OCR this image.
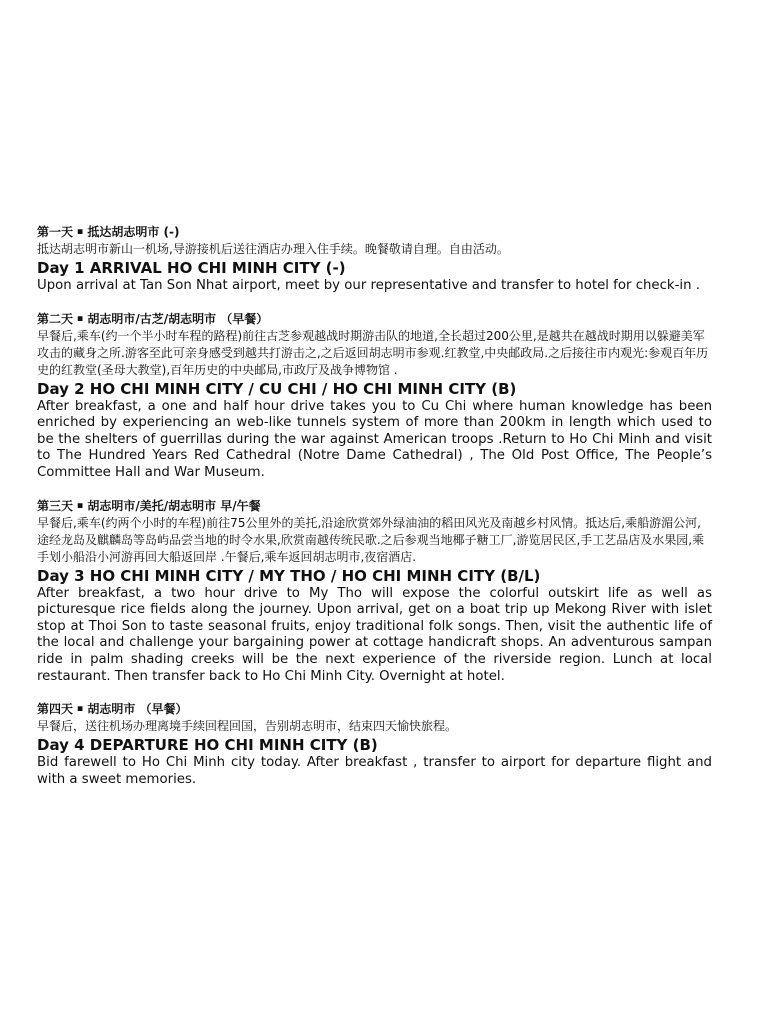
第一天 ￭ 抵达胡志明市 (-)
抵达胡志明市新山一机场,导游接机后送往酒店办理入住手续。晚餐敬请自理。自由活动。
Day 1 ARRIVAL HO CHI MINH CITY (-)
Upon arrival at Tan Son Nhat airport, meet by our representative and transfer to hotel for check-in .
第二天 ￭ 胡志明市/古芝/胡志明市 （早餐）
早餐后,乘车(约一个半小时车程的路程)前往古芝参观越战时期游击队的地道,全长超过200公里,是越共在越战时期用以躲避美军攻击的藏身之所.游客至此可亲身感受到越共打游击之,之后返回胡志明市参观.红教堂,中央邮政局.之后接往市内观光:参观百年历史的红教堂(圣母大教堂),百年历史的中央邮局,市政厅及战争博物馆 .
Day 2 HO CHI MINH CITY / CU CHI / HO CHI MINH CITY (B)
After breakfast, a one and half hour drive takes you to Cu Chi where human knowledge has been enriched by experiencing an web-like tunnels system of more than 200km in length which used to be the shelters of guerrillas during the war against American troops .Return to Ho Chi Minh and visit to The Hundred Years Red Cathedral (Notre Dame Cathedral) , The Old Post Office, The People’s Committee Hall and War Museum.
第三天 ￭ 胡志明市/美托/胡志明市 早/午餐
早餐后,乘车(约两个小时的车程)前往75公里外的美托,沿途欣赏郊外绿油油的稻田风光及南越乡村风情。抵达后,乘船游湄公河,途经龙岛及麒麟岛等岛屿品尝当地的时令水果,欣赏南越传统民歌.之后参观当地椰子糖工厂,游览居民区,手工艺品店及水果园,乘手划小船沿小河游再回大船返回岸 .午餐后,乘车返回胡志明市,夜宿酒店.
Day 3 HO CHI MINH CITY / MY THO / HO CHI MINH CITY (B/L)
After breakfast, a two hour drive to My Tho will expose the colorful outskirt life as well as picturesque rice fields along the journey. Upon arrival, get on a boat trip up Mekong River with islet stop at Thoi Son to taste seasonal fruits, enjoy traditional folk songs. Then, visit the authentic life of the local and challenge your bargaining power at cottage handicraft shops. An adventurous sampan ride in palm shading creeks will be the next experience of the riverside region. Lunch at local restaurant. Then transfer back to Ho Chi Minh City. Overnight at hotel.
第四天 ￭ 胡志明市 （早餐）
早餐后，送往机场办理离境手续回程回国，告别胡志明市，结束四天愉快旅程。
Day 4 DEPARTURE HO CHI MINH CITY (B)
Bid farewell to Ho Chi Minh city today. After breakfast , transfer to airport for departure flight and with a sweet memories.
